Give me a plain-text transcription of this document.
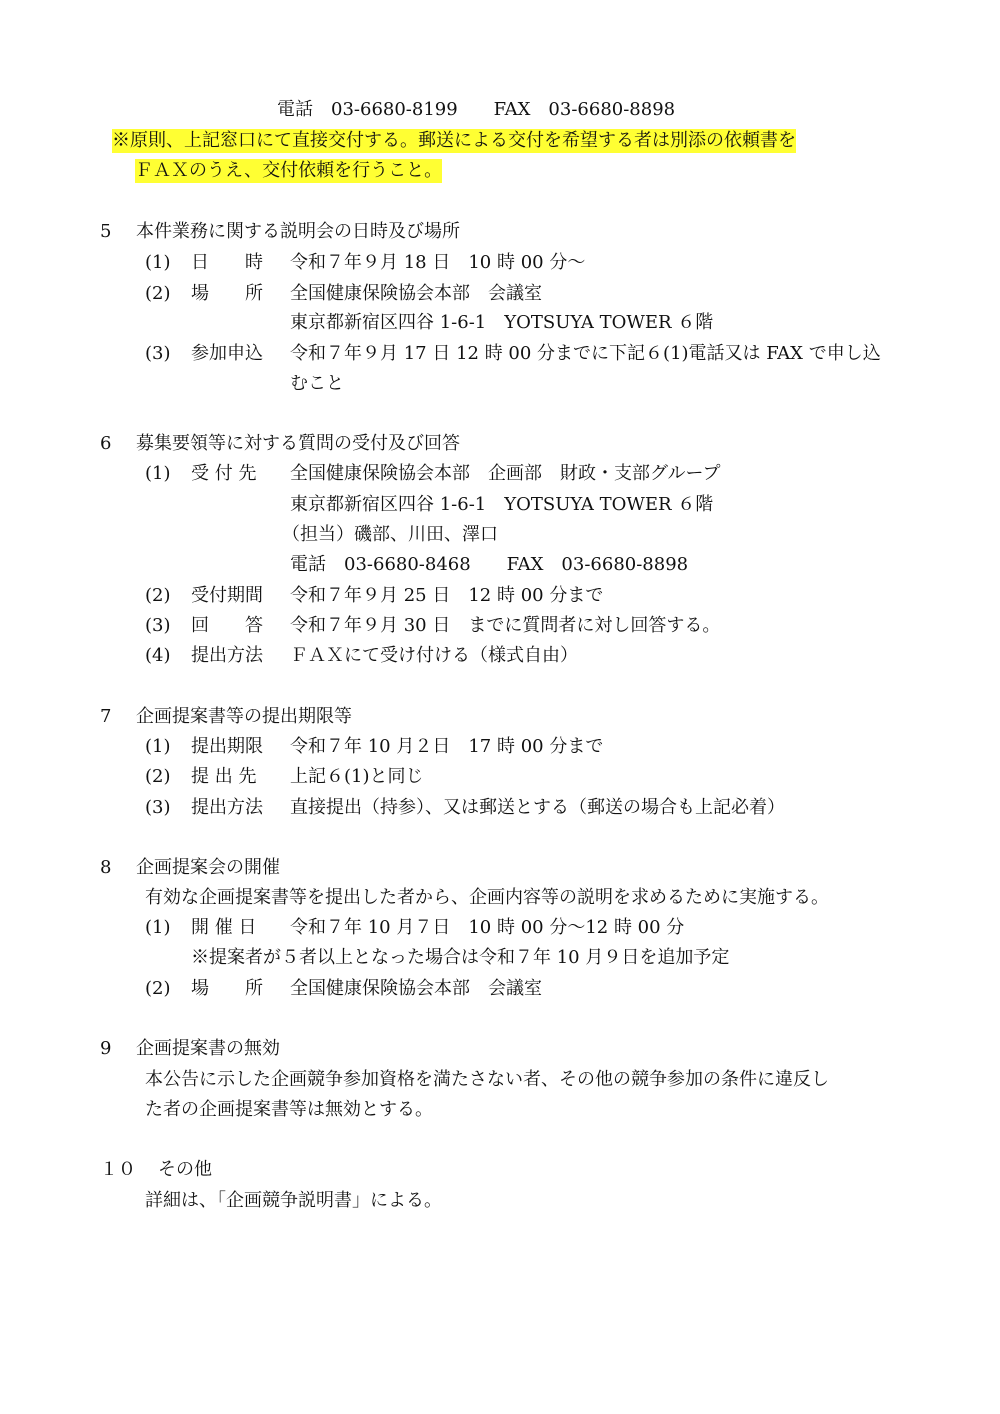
電話　03-6680-8199　　FAX　03-6680-8898
※原則、上記窓口にて直接交付する。郵送による交付を希望する者は別添の依頼書を
ＦＡＸのうえ、交付依頼を行うこと。
5 本件業務に関する説明会の日時及び場所
(1) 日　　時 令和７年９月 18 日　10 時 00 分～
(2) 場　　所 全国健康保険協会本部　会議室
東京都新宿区四谷 1-6-1　YOTSUYA TOWER ６階
(3) 参加申込 令和７年９月 17 日 12 時 00 分までに下記６(1)電話又は FAX で申し込
むこと
6 募集要領等に対する質問の受付及び回答
(1) 受 付 先 全国健康保険協会本部　企画部　財政・支部グループ
東京都新宿区四谷 1-6-1　YOTSUYA TOWER ６階
（担当）磯部、川田、澤口
電話　03-6680-8468　　FAX　03-6680-8898
(2) 受付期間 令和７年９月 25 日　12 時 00 分まで
(3) 回　　答 令和７年９月 30 日　までに質問者に対し回答する。
(4) 提出方法 ＦＡＸにて受け付ける（様式自由）
7 企画提案書等の提出期限等
(1) 提出期限 令和７年 10 月２日　17 時 00 分まで
(2) 提 出 先 上記６(1)と同じ
(3) 提出方法 直接提出（持参）、又は郵送とする（郵送の場合も上記必着）
8 企画提案会の開催
有効な企画提案書等を提出した者から、企画内容等の説明を求めるために実施する。
(1) 開 催 日 令和７年 10 月７日　10 時 00 分～12 時 00 分
※提案者が５者以上となった場合は令和７年 10 月９日を追加予定
(2) 場　　所 全国健康保険協会本部　会議室
9 企画提案書の無効
本公告に示した企画競争参加資格を満たさない者、その他の競争参加の条件に違反し
た者の企画提案書等は無効とする。
１０ その他
詳細は、「企画競争説明書」による。
